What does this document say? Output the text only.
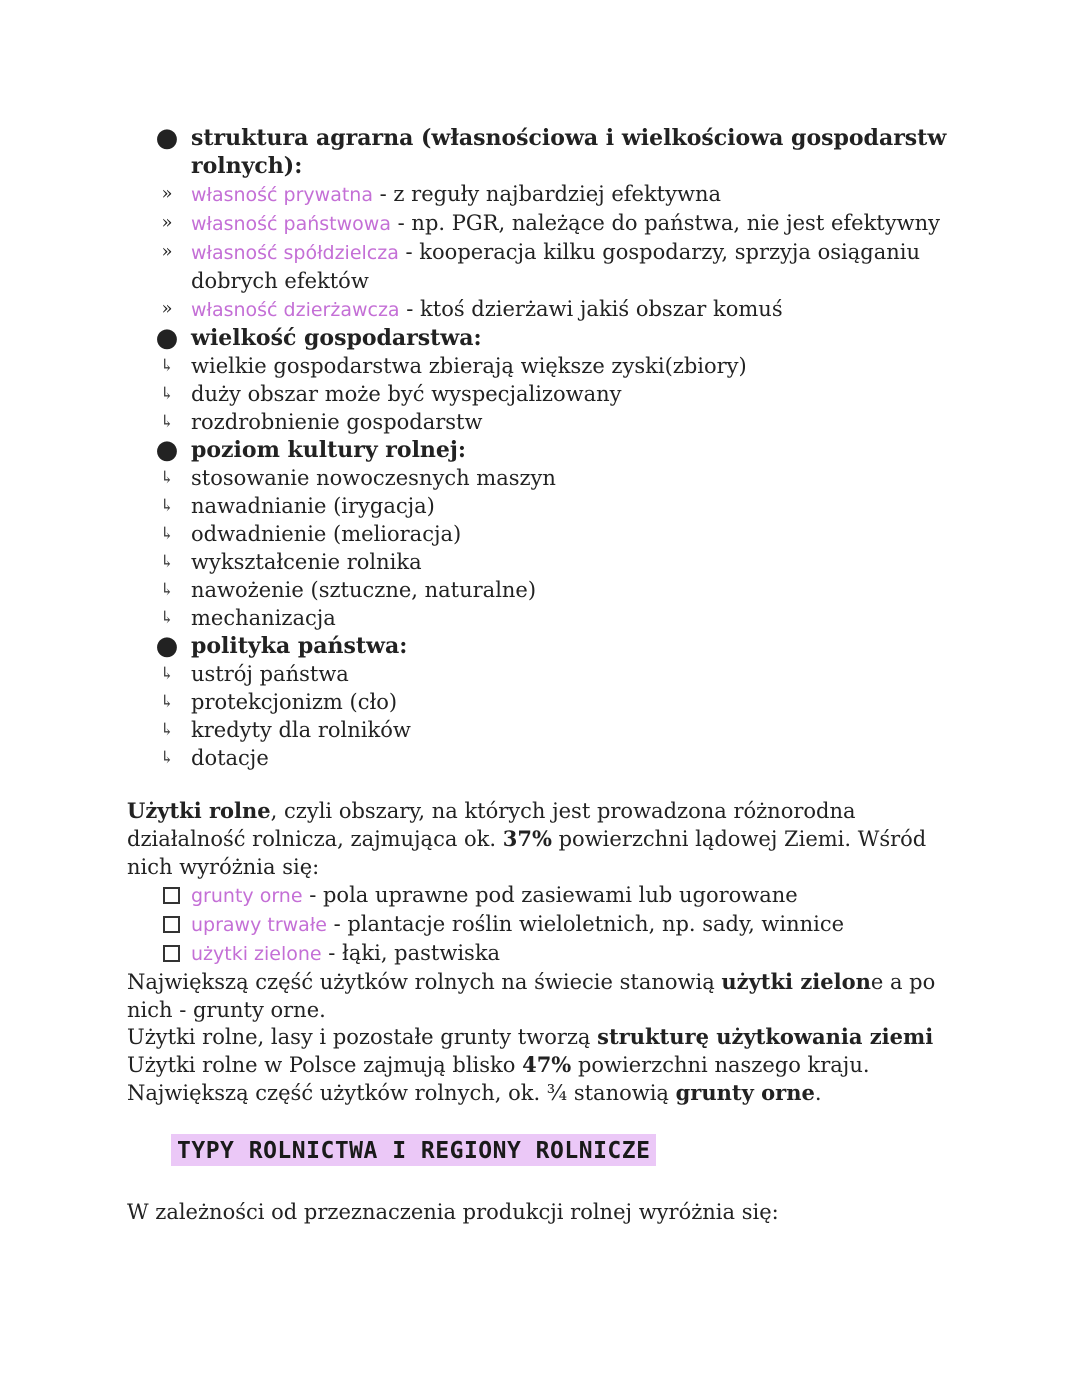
● struktura agrarna (własnościowa i wielkościowa gospodarstw rolnych):
» własność prywatna - z reguły najbardziej efektywna
» własność państwowa - np. PGR, należące do państwa, nie jest efektywny
» własność spółdzielcza - kooperacja kilku gospodarzy, sprzyja osiąganiu dobrych efektów
» własność dzierżawcza - ktoś dzierżawi jakiś obszar komuś
● wielkość gospodarstwa:
↳ wielkie gospodarstwa zbierają większe zyski(zbiory)
↳ duży obszar może być wyspecjalizowany
↳ rozdrobnienie gospodarstw
● poziom kultury rolnej:
↳ stosowanie nowoczesnych maszyn
↳ nawadnianie (irygacja)
↳ odwadnienie (melioracja)
↳ wykształcenie rolnika
↳ nawożenie (sztuczne, naturalne)
↳ mechanizacja
● polityka państwa:
↳ ustrój państwa
↳ protekcjonizm (cło)
↳ kredyty dla rolników
↳ dotacje
Użytki rolne, czyli obszary, na których jest prowadzona różnorodna działalność rolnicza, zajmująca ok. 37% powierzchni lądowej Ziemi. Wśród nich wyróżnia się:
grunty orne - pola uprawne pod zasiewami lub ugorowane
uprawy trwałe - plantacje roślin wieloletnich, np. sady, winnice
użytki zielone - łąki, pastwiska
Największą część użytków rolnych na świecie stanowią użytki zielone a po nich - grunty orne.
Użytki rolne, lasy i pozostałe grunty tworzą strukturę użytkowania ziemi
Użytki rolne w Polsce zajmują blisko 47% powierzchni naszego kraju. Największą część użytków rolnych, ok. ¾ stanowią grunty orne.
TYPY ROLNICTWA I REGIONY ROLNICZE
W zależności od przeznaczenia produkcji rolnej wyróżnia się:
